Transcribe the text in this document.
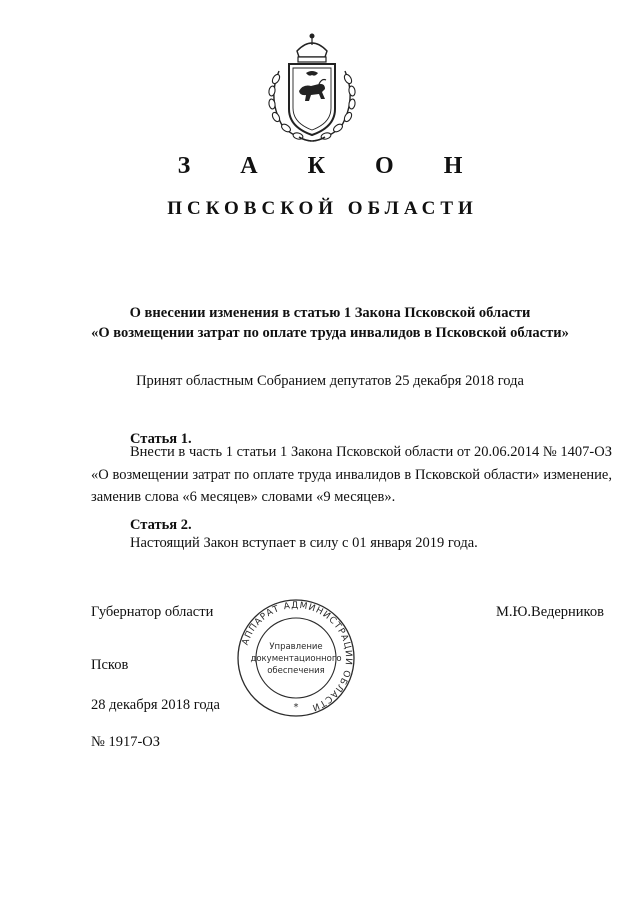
З А К О Н
ПСКОВСКОЙ ОБЛАСТИ
О внесении изменения в статью 1 Закона Псковской области
«О возмещении затрат по оплате труда инвалидов в Псковской области»
Принят областным Собранием депутатов 25 декабря 2018 года
Статья 1.
Внести в часть 1 статьи 1 Закона Псковской области от 20.06.2014 № 1407-ОЗ «О возмещении затрат по оплате труда инвалидов в Псковской области» изменение, заменив слова «6 месяцев» словами «9 месяцев».
Статья 2.
Настоящий Закон вступает в силу с 01 января 2019 года.
Губернатор области	М.Ю.Ведерников
Псков
28 декабря 2018 года
№ 1917-ОЗ
АППАРАТ АДМИНИСТРАЦИИ ОБЛАСТИ
Управление
документационного
обеспечения
*
